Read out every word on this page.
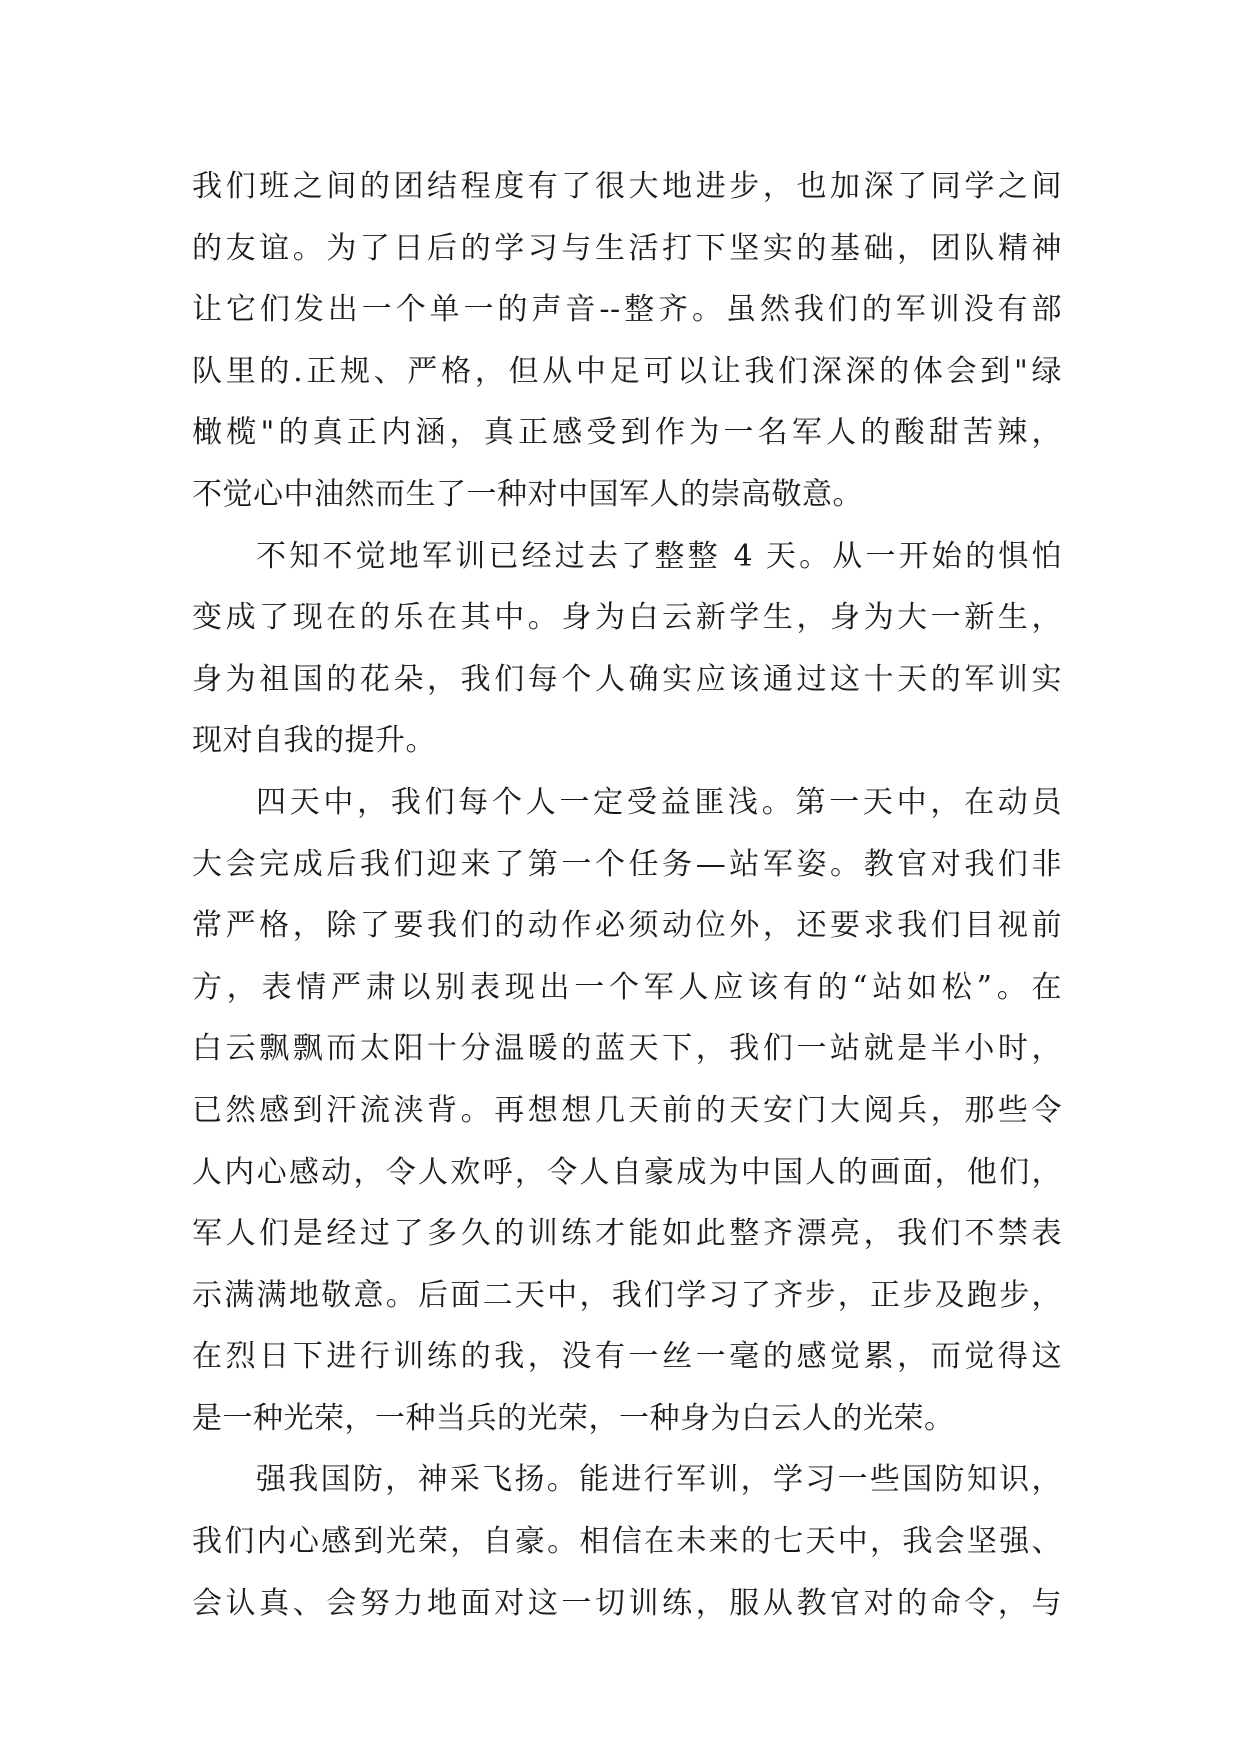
我们班之间的团结程度有了很大地进步，也加深了同学之间
的友谊。为了日后的学习与生活打下坚实的基础，团队精神
让它们发出一个单一的声音--整齐。虽然我们的军训没有部
队里的.正规、严格，但从中足可以让我们深深的体会到"绿
橄榄"的真正内涵，真正感受到作为一名军人的酸甜苦辣，
不觉心中油然而生了一种对中国军人的崇高敬意。
不知不觉地军训已经过去了整整 4 天。从一开始的惧怕
变成了现在的乐在其中。身为白云新学生，身为大一新生，
身为祖国的花朵，我们每个人确实应该通过这十天的军训实
现对自我的提升。
四天中，我们每个人一定受益匪浅。第一天中，在动员
大会完成后我们迎来了第一个任务—站军姿。教官对我们非
常严格，除了要我们的动作必须动位外，还要求我们目视前
方，表情严肃以别表现出一个军人应该有的“站如松”。在
白云飘飘而太阳十分温暖的蓝天下，我们一站就是半小时，
已然感到汗流浃背。再想想几天前的天安门大阅兵，那些令
人内心感动，令人欢呼，令人自豪成为中国人的画面，他们，
军人们是经过了多久的训练才能如此整齐漂亮，我们不禁表
示满满地敬意。后面二天中，我们学习了齐步，正步及跑步，
在烈日下进行训练的我，没有一丝一毫的感觉累，而觉得这
是一种光荣，一种当兵的光荣，一种身为白云人的光荣。
强我国防，神采飞扬。能进行军训，学习一些国防知识，
我们内心感到光荣，自豪。相信在未来的七天中，我会坚强、
会认真、会努力地面对这一切训练，服从教官对的命令，与
